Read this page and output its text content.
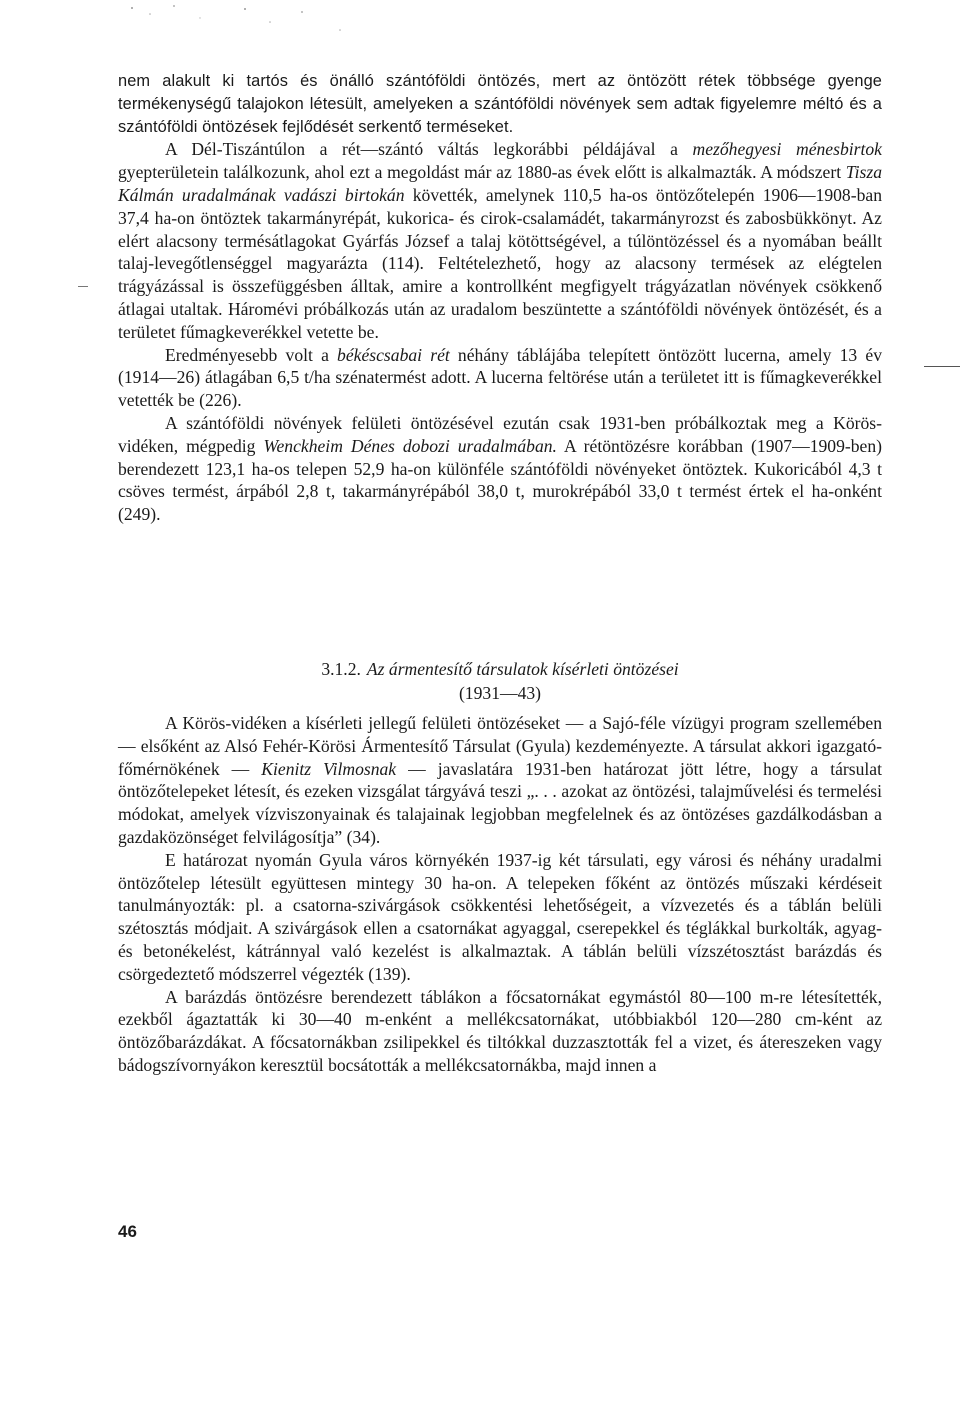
nem alakult ki tartós és önálló szántóföldi öntözés, mert az öntözött rétek többsége gyenge termékenységű talajokon létesült, amelyeken a szántóföldi növények sem adtak figyelemre méltó és a szántóföldi öntözések fejlődését serkentő terméseket.

A Dél-Tiszántúlon a rét—szántó váltás legkorábbi példájával a mezőhegyesi ménesbirtok gyepterületein találkozunk, ahol ezt a megoldást már az 1880-as évek előtt is alkalmazták. A módszert Tisza Kálmán uradalmának vadászi birtokán követték, amelynek 110,5 ha-os öntözőtelepén 1906—1908-ban 37,4 ha-on öntöztek takarmányrépát, kukorica- és cirok-csalamádét, takarmányrozst és zabosbükkönyt. Az elért alacsony termésátlagokat Gyárfás József a talaj kötöttségével, a túlöntözéssel és a nyomában beállt talaj-levegőtlenséggel magyarázta (114). Feltételezhető, hogy az alacsony termések az elégtelen trágyázással is összefüggésben álltak, amire a kontrollként megfigyelt trágyázatlan növények csökkenő átlagai utaltak. Háromévi próbálkozás után az uradalom beszüntette a szántóföldi növények öntözését, és a területet fűmagkeverékkel vetette be.

Eredményesebb volt a békéscsabai rét néhány táblájába telepített öntözött lucerna, amely 13 év (1914—26) átlagában 6,5 t/ha szénatermést adott. A lucerna feltörése után a területet itt is fűmagkeverékkel vetették be (226).

A szántóföldi növények felületi öntözésével ezután csak 1931-ben próbálkoztak meg a Körös-vidéken, mégpedig Wenckheim Dénes dobozi uradalmában. A rétöntözésre korábban (1907—1909-ben) berendezett 123,1 ha-os telepen 52,9 ha-on különféle szántóföldi növényeket öntöztek. Kukoricából 4,3 t csöves termést, árpából 2,8 t, takarmányrépából 38,0 t, murokrépából 33,0 t termést értek el ha-onként (249).

3.1.2. Az ármentesítő társulatok kísérleti öntözései
(1931—43)

A Körös-vidéken a kísérleti jellegű felületi öntözéseket — a Sajó-féle vízügyi program szellemében — elsőként az Alsó Fehér-Körösi Ármentesítő Társulat (Gyula) kezdeményezte. A társulat akkori igazgató-főmérnökének — Kienitz Vilmosnak — javaslatára 1931-ben határozat jött létre, hogy a társulat öntözőtelepeket létesít, és ezeken vizsgálat tárgyává teszi „. . . azokat az öntözési, talajművelési és termelési módokat, amelyek vízviszonyainak és talajainak legjobban megfelelnek és az öntözéses gazdálkodásban a gazdaközönséget felvilágosítja” (34).

E határozat nyomán Gyula város környékén 1937-ig két társulati, egy városi és néhány uradalmi öntözőtelep létesült együttesen mintegy 30 ha-on. A telepeken főként az öntözés műszaki kérdéseit tanulmányozták: pl. a csatorna-szivárgások csökkentési lehetőségeit, a vízvezetés és a táblán belüli szétosztás módjait. A szivárgások ellen a csatornákat agyaggal, cserepekkel és téglákkal burkolták, agyag- és betonékelést, kátránnyal való kezelést is alkalmaztak. A táblán belüli vízszétosztást barázdás és csörgedeztető módszerrel végezték (139).

A barázdás öntözésre berendezett táblákon a főcsatornákat egymástól 80—100 m-re létesítették, ezekből ágaztatták ki 30—40 m-enként a mellékcsatornákat, utóbbiakból 120—280 cm-ként az öntözőbarázdákat. A főcsatornákban zsilipekkel és tiltókkal duzzasztották fel a vizet, és átereszeken vagy bádogszívornyákon keresztül bocsátották a mellékcsatornákba, majd innen a

46
